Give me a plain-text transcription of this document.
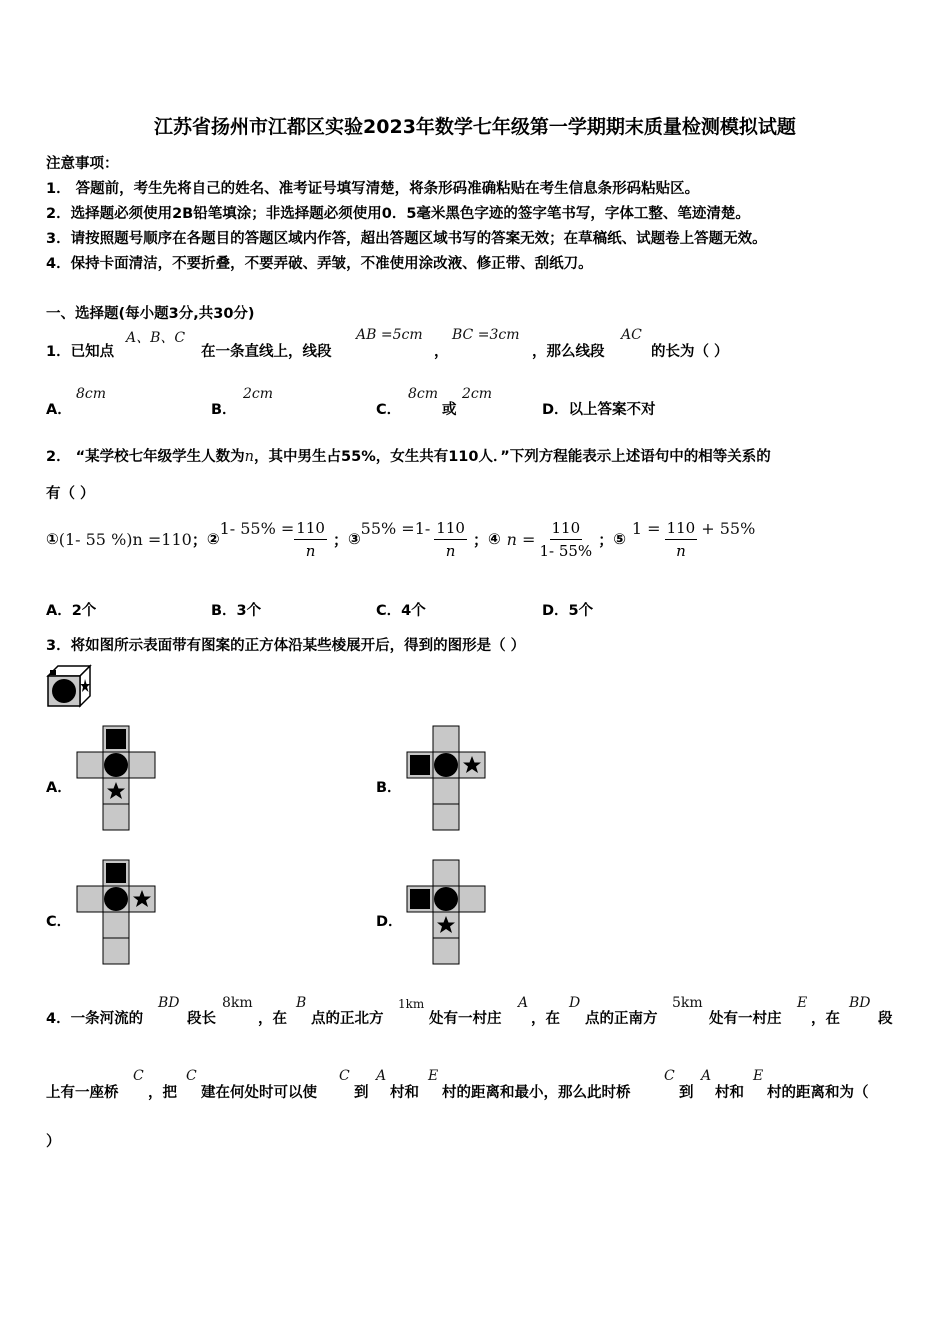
江苏省扬州市江都区实验2023年数学七年级第一学期期末质量检测模拟试题
注意事项：
1． 答题前，考生先将自己的姓名、准考证号填写清楚，将条形码准确粘贴在考生信息条形码粘贴区。
2．选择题必须使用2B铅笔填涂；非选择题必须使用0．5毫米黑色字迹的签字笔书写，字体工整、笔迹清楚。
3．请按照题号顺序在各题目的答题区域内作答，超出答题区域书写的答案无效；在草稿纸、试题卷上答题无效。
4．保持卡面清洁，不要折叠，不要弄破、弄皱，不准使用涂改液、修正带、刮纸刀。
一、选择题(每小题3分,共30分)
1．已知点
A、B、C
在一条直线上，线段
AB =5cm
，
BC =3cm
，那么线段
AC
的长为（ ）
A．
8cm
B．
2cm
C．
8cm
或
2cm
D．以上答案不对
2． “某学校七年级学生人数为n，其中男生占55%，女生共有110人．”下列方程能表示上述语句中的相等关系的
有（ ）
① (1- 55 %)n =110 ； ②
1- $55\% = \frac{110}{n}$ ； ③
$55\% =1- \frac{110}{n}$ ； ④ $n = \frac{110}{1- 55\%}$ ； ⑤
$1 = \frac{110}{n} + 55\%$
A．2个	B．3个	C．4个	D．5个
3．将如图所示表面带有图案的正方体沿某些棱展开后，得到的图形是（ ）
A．	B．
C．	D．
4．一条河流的
BD
段长
8km
，在
B
点的正北方
1km
处有一村庄
A
，在
D
点的正南方
5km
处有一村庄
E
，在
BD
段
上有一座桥
C
，把
C
建在何处时可以使
C
到
A
村和
E
村的距离和最小，那么此时桥
C
到
A
村和
E
村的距离和为（
）
